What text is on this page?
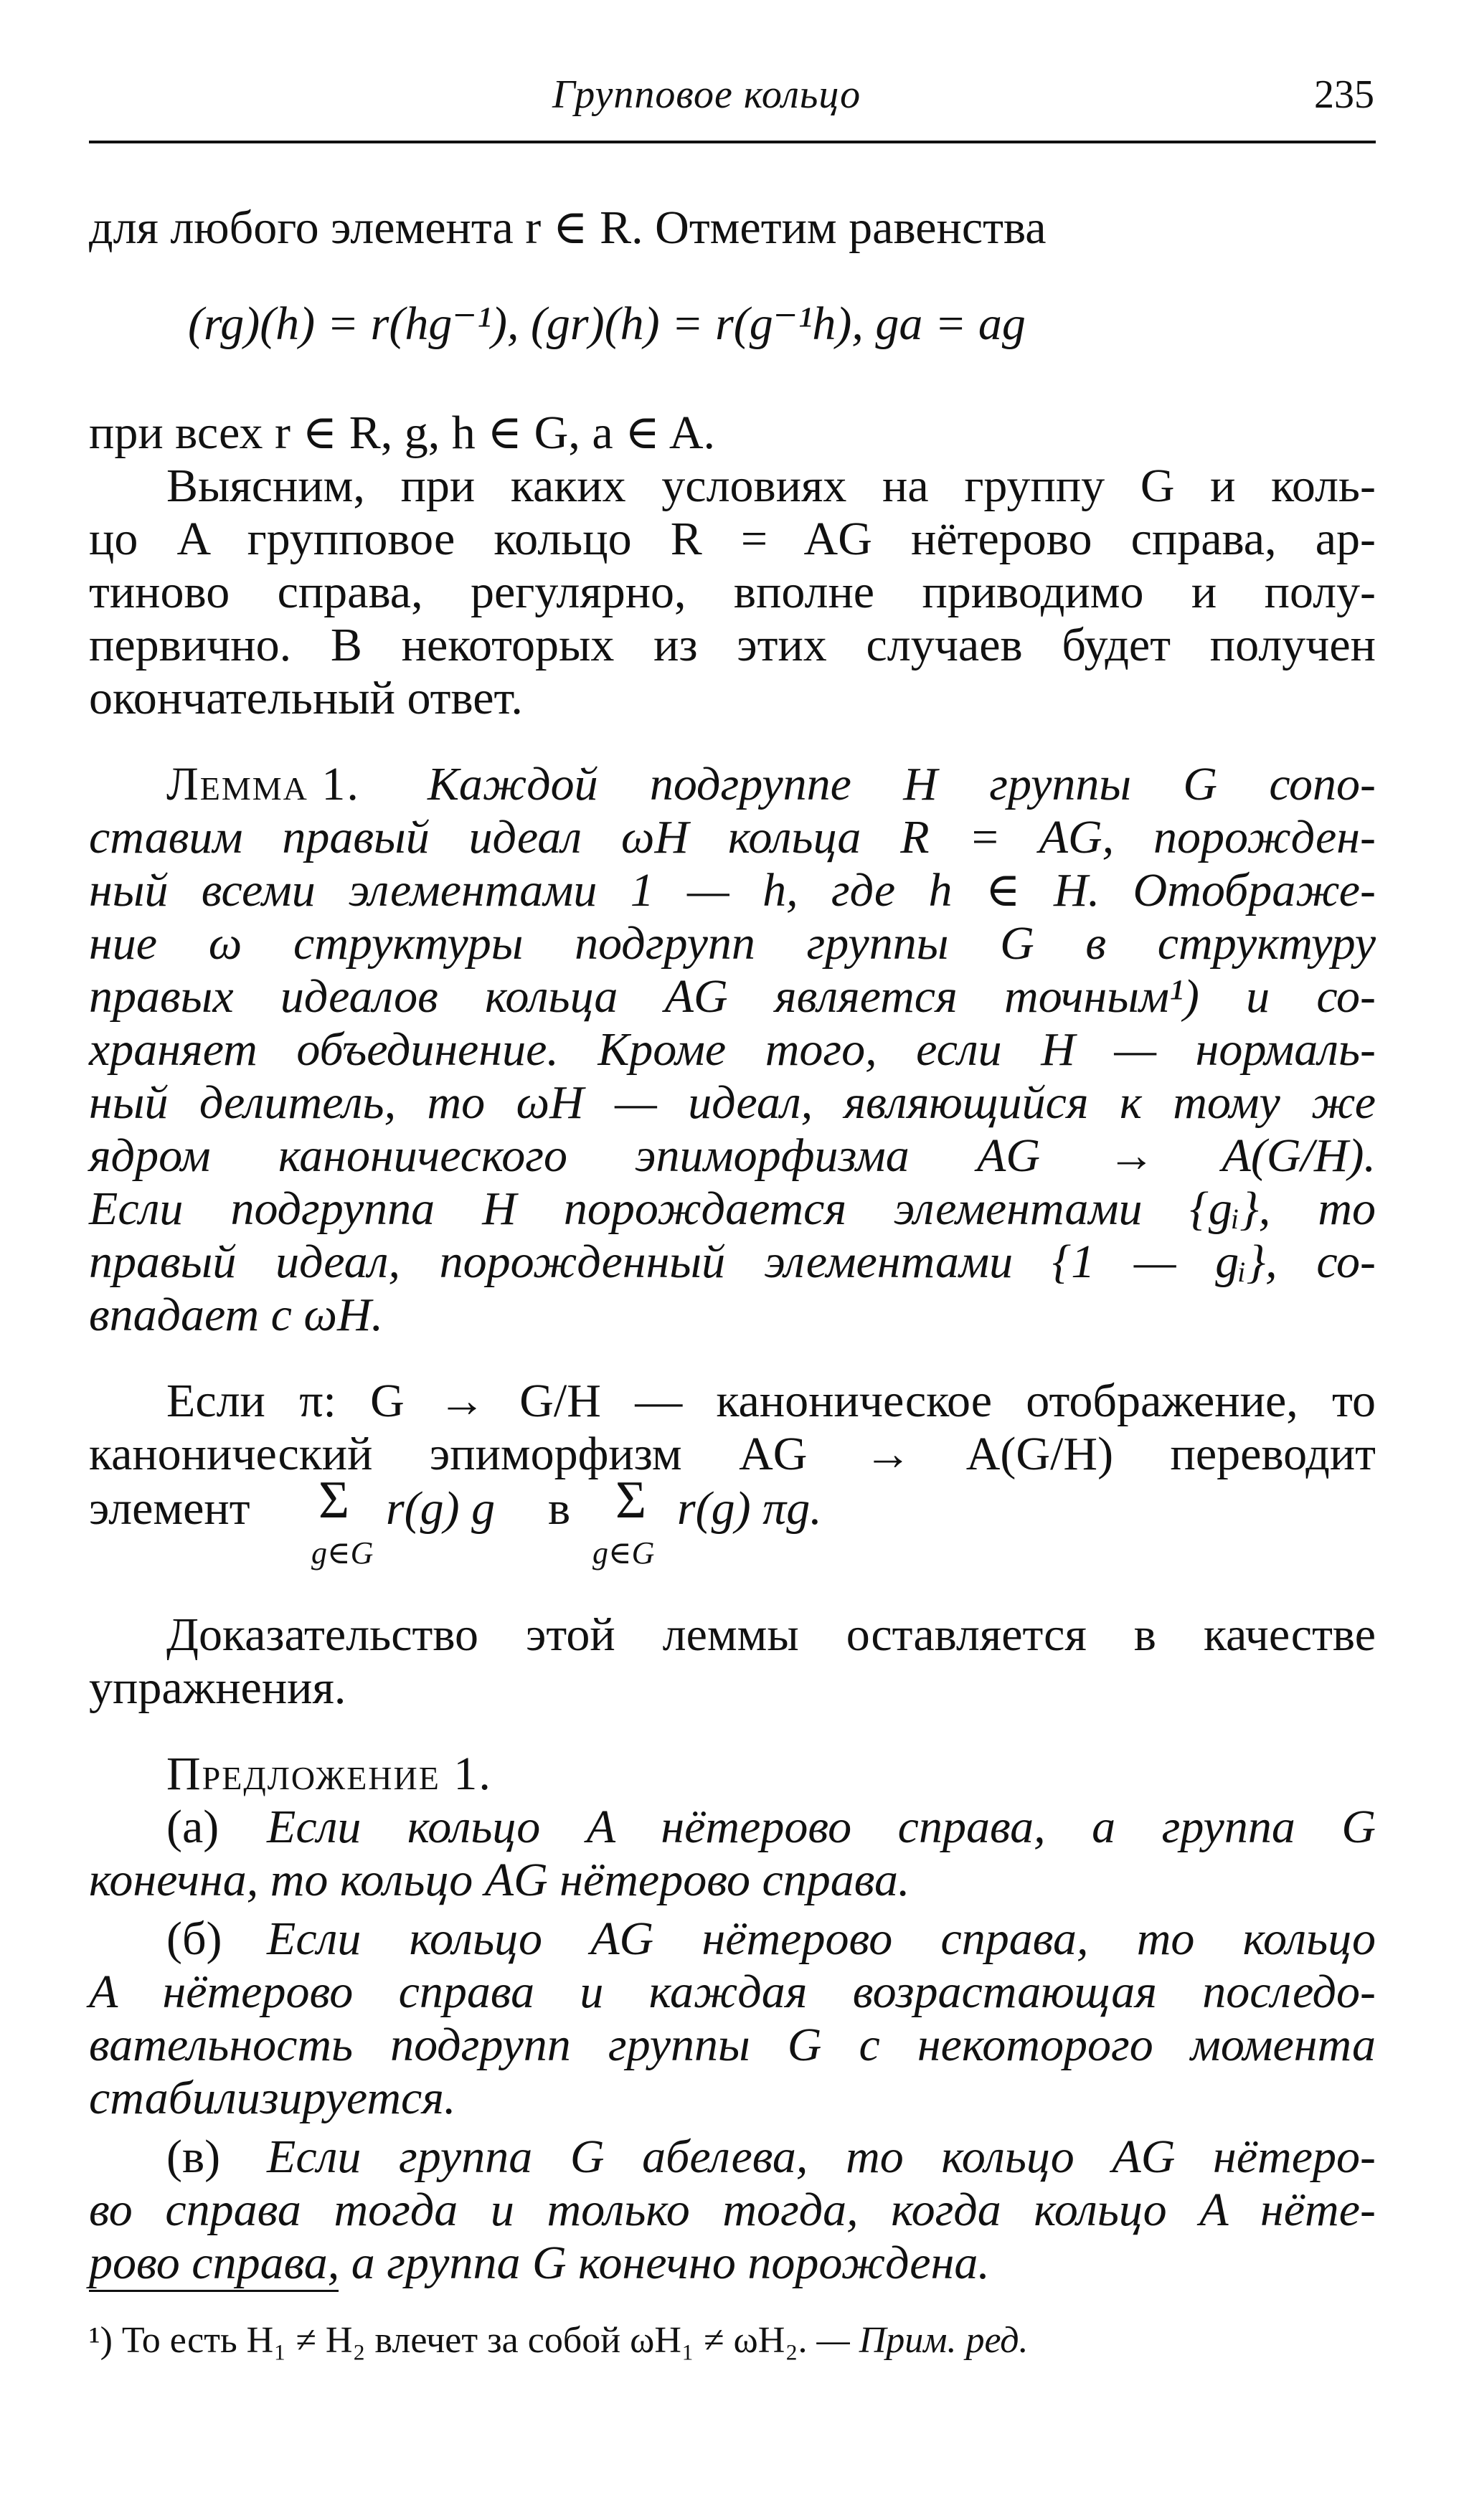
Групповое кольцо	235
для любого элемента r ∈ R. Отметим равенства
(rg)(h) = r(hg⁻¹), (gr)(h) = r(g⁻¹h), ga = ag
при всех r ∈ R, g, h ∈ G, a ∈ A.
Выясним, при каких условиях на группу G и коль-
цо A групповое кольцо R = AG нётерово справа, ар-
тиново справа, регулярно, вполне приводимо и полу-
первично. В некоторых из этих случаев будет получен
окончательный ответ.
Лемма 1.	Каждой подгруппе H группы G сопо-
ставим правый идеал ωH кольца R = AG, порожден-
ный всеми элементами 1 — h, где h ∈ H. Отображе-
ние ω структуры подгрупп группы G в структуру
правых идеалов кольца AG является точным¹) и со-
храняет объединение. Кроме того, если H — нормаль-
ный делитель, то ωH — идеал, являющийся к тому же
ядром канонического эпиморфизма AG → A(G/H).
Если подгруппа H порождается элементами {gᵢ}, то
правый идеал, порожденный элементами {1 — gᵢ}, со-
впадает с ωH.
Если π: G → G/H — каноническое отображение, то
канонический эпиморфизм AG → A(G/H) переводит
элемент Σ
g∈G
r(g) g в Σ
g∈G
r(g) πg.
Доказательство этой леммы оставляется в качестве
упражнения.
Предложение 1.
(а)	Если кольцо A нётерово справа, а группа G
конечна, то кольцо AG нётерово справа.
(б) Если кольцо AG нётерово справа, то кольцо
A нётерово справа и каждая возрастающая последо-
вательность подгрупп группы G с некоторого момента
стабилизируется.
(в) Если группа G абелева, то кольцо AG нётеро-
во справа тогда и только тогда, когда кольцо A нёте-
рово справа, а группа G конечно порождена.
¹) То есть H₁ ≠ H₂ влечет за собой ωH₁ ≠ ωH₂. — Прим. ред.
